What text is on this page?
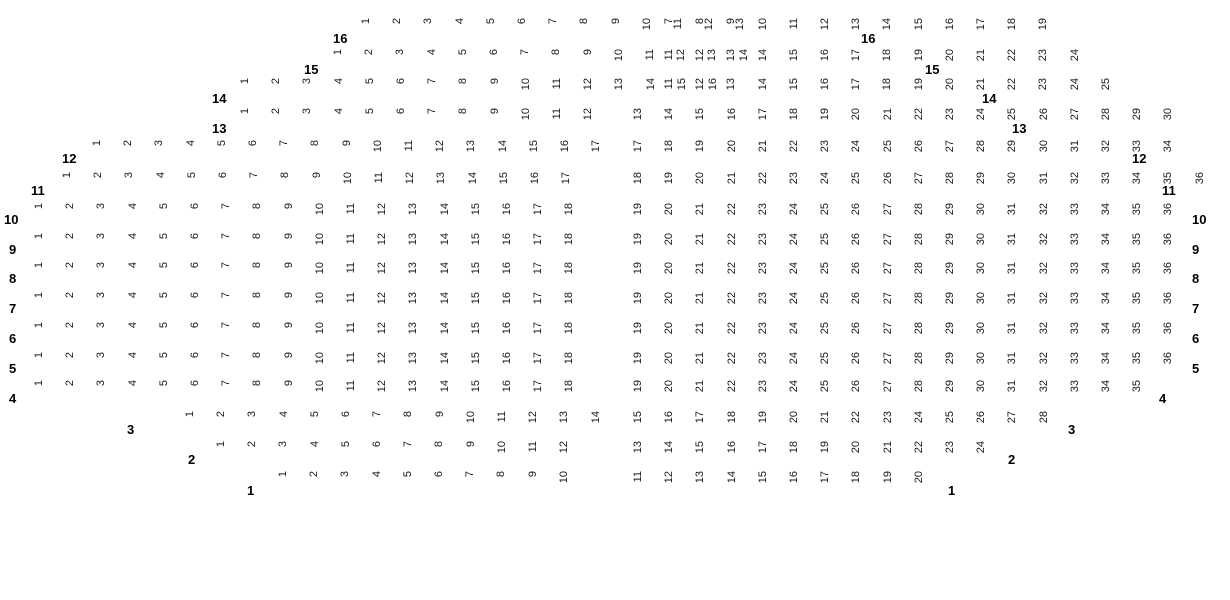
16	16
1 2 3 4 5 6 7 8 9 10 11 12 13
7 8 9 10 11 12 13 14 15 16 17 18 19
15	15
1 2 3 4 5 6 7 8 9 10 11 12 13 14
11 12 13 14 15 16 17 18 19 20 21 22 23 24
14	14
1 2 3 4 5 6 7 8 9 10 11 12 13 14 15 16
11 12 13 14 15 16 17 18 19 20 21 22 23 24 25
13	13
1 2 3 4 5 6 7 8 9 10 11 12	13 14 15 16 17 18 19 20 21 22 23 24 25 26 27 28 29 30
12	12
1 2 3 4 5 6 7 8 9 10 11 12 13 14 15 16 17	17 18 19 20 21 22 23 24 25 26 27 28 29 30 31 32 33 34
11	11
1 2 3 4 5 6 7 8 9 10 11 12 13 14 15 16 17	18 19 20 21 22 23 24 25 26 27 28 29 30 31 32 33 34 35 36
10	10
1 2 3 4 5 6 7 8 9 10 11 12 13 14 15 16 17 18	19 20 21 22 23 24 25 26 27 28 29 30 31 32 33 34 35 36
9	9
1 2 3 4 5 6 7 8 9 10 11 12 13 14 15 16 17 18	19 20 21 22 23 24 25 26 27 28 29 30 31 32 33 34 35 36
8	8
1 2 3 4 5 6 7 8 9 10 11 12 13 14 15 16 17 18	19 20 21 22 23 24 25 26 27 28 29 30 31 32 33 34 35 36
7	7
1 2 3 4 5 6 7 8 9 10 11 12 13 14 15 16 17 18	19 20 21 22 23 24 25 26 27 28 29 30 31 32 33 34 35 36
6	6
1 2 3 4 5 6 7 8 9 10 11 12 13 14 15 16 17 18	19 20 21 22 23 24 25 26 27 28 29 30 31 32 33 34 35 36
5	5
1 2 3 4 5 6 7 8 9 10 11 12 13 14 15 16 17 18	19 20 21 22 23 24 25 26 27 28 29 30 31 32 33 34 35 36
4	4
1 2 3 4 5 6 7 8 9 10 11 12 13 14 15 16 17 18	19 20 21 22 23 24 25 26 27 28 29 30 31 32 33 34 35
3	3
1 2 3 4 5 6 7 8 9 10 11 12 13 14	15 16 17 18 19 20 21 22 23 24 25 26 27 28
2	2
1 2 3 4 5 6 7 8 9 10 11 12	13 14 15 16 17 18 19 20 21 22 23 24
1	1
1 2 3 4 5 6 7 8 9 10	11 12 13 14 15 16 17 18 19 20
